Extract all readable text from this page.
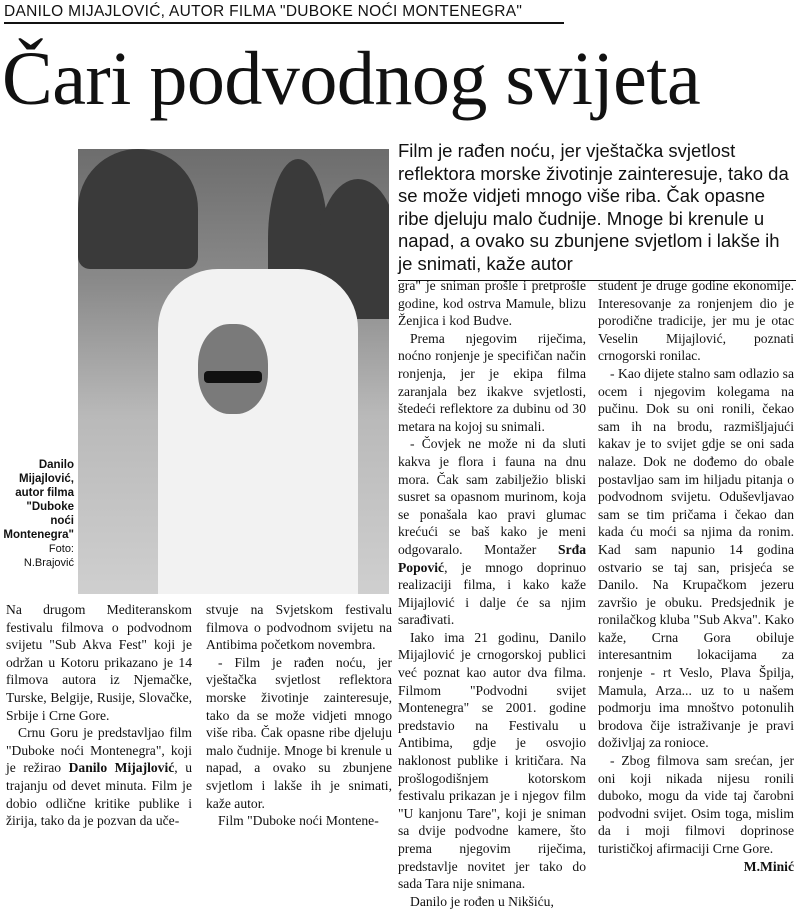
DANILO MIJAJLOVIĆ, AUTOR FILMA "DUBOKE NOĆI MONTENEGRA"
Čari podvodnog svijeta
Danilo Mijajlović, autor filma "Duboke noći Montenegra"
Foto: N.Brajović
Film je rađen noću, jer vještačka svjetlost reflektora morske životinje zainteresuje, tako da se može vidjeti mnogo više riba. Čak opasne ribe djeluju malo čudnije. Mnoge bi krenule u napad, a ovako su zbunjene svjetlom i lakše ih je snimati, kaže autor

Na drugom Mediteranskom festivalu filmova o podvodnom svijetu "Sub Akva Fest" koji je održan u Kotoru prikazano je 14 filmova autora iz Njemačke, Turske, Belgije, Rusije, Slovačke, Srbije i Crne Gore.

Crnu Goru je predstavljao film "Duboke noći Montenegra", koji je režirao Danilo Mijajlović, u trajanju od devet minuta. Film je dobio odlične kritike publike i žirija, tako da je pozvan da uče-

stvuje na Svjetskom festivalu filmova o podvodnom svijetu na Antibima početkom novembra.

- Film je rađen noću, jer vještačka svjetlost reflektora morske životinje zainteresuje, tako da se može vidjeti mnogo više riba. Čak opasne ribe djeluju malo čudnije. Mnoge bi krenule u napad, a ovako su zbunjene svjetlom i lakše ih je snimati, kaže autor.

Film "Duboke noći Montene-

gra" je sniman prošle i pretprošle godine, kod ostrva Mamule, blizu Ženjica i kod Budve.

Prema njegovim riječima, noćno ronjenje je specifičan način ronjenja, jer je ekipa filma zaranjala bez ikakve svjetlosti, štedeći reflektore za dubinu od 30 metara na kojoj su snimali.

- Čovjek ne može ni da sluti kakva je flora i fauna na dnu mora. Čak sam zabilježio bliski susret sa opasnom murinom, koja se ponašala kao pravi glumac krećući se baš kako je meni odgovaralo. Montažer Srđa Popović, je mnogo doprinuo realizaciji filma, i kako kaže Mijajlović i dalje će sa njim sarađivati.

Iako ima 21 godinu, Danilo Mijajlović je crnogorskoj publici već poznat kao autor dva filma. Filmom "Podvodni svijet Montenegra" se 2001. godine predstavio na Festivalu u Antibima, gdje je osvojio naklonost publike i kritičara. Na prošlogodišnjem kotorskom festivalu prikazan je i njegov film "U kanjonu Tare", koji je sniman sa dvije podvodne kamere, što prema njegovim riječima, predstavlje novitet jer tako do sada Tara nije snimana.

Danilo je rođen u Nikšiću,

student je druge godine ekonomije. Interesovanje za ronjenjem dio je porodične tradicije, jer mu je otac Veselin Mijajlović, poznati crnogorski ronilac.

- Kao dijete stalno sam odlazio sa ocem i njegovim kolegama na pučinu. Dok su oni ronili, čekao sam ih na brodu, razmišljajući kakav je to svijet gdje se oni sada nalaze. Dok ne dođemo do obale postavljao sam im hiljadu pitanja o podvodnom svijetu. Oduševljavao sam se tim pričama i čekao dan kada ću moći sa njima da ronim. Kad sam napunio 14 godina ostvario se taj san, prisjeća se Danilo. Na Krupačkom jezeru završio je obuku. Predsjednik je ronilačkog kluba "Sub Akva". Kako kaže, Crna Gora obiluje interesantnim lokacijama za ronjenje - rt Veslo, Plava Špilja, Mamula, Arza... uz to u našem podmorju ima mnoštvo potonulih brodova čije istraživanje je pravi doživljaj za ronioce.

- Zbog filmova sam srećan, jer oni koji nikada nijesu ronili duboko, mogu da vide taj čarobni podvodni svijet. Osim toga, mislim da i moji filmovi doprinose turističkoj afirmaciji Crne Gore.

M.Minić
